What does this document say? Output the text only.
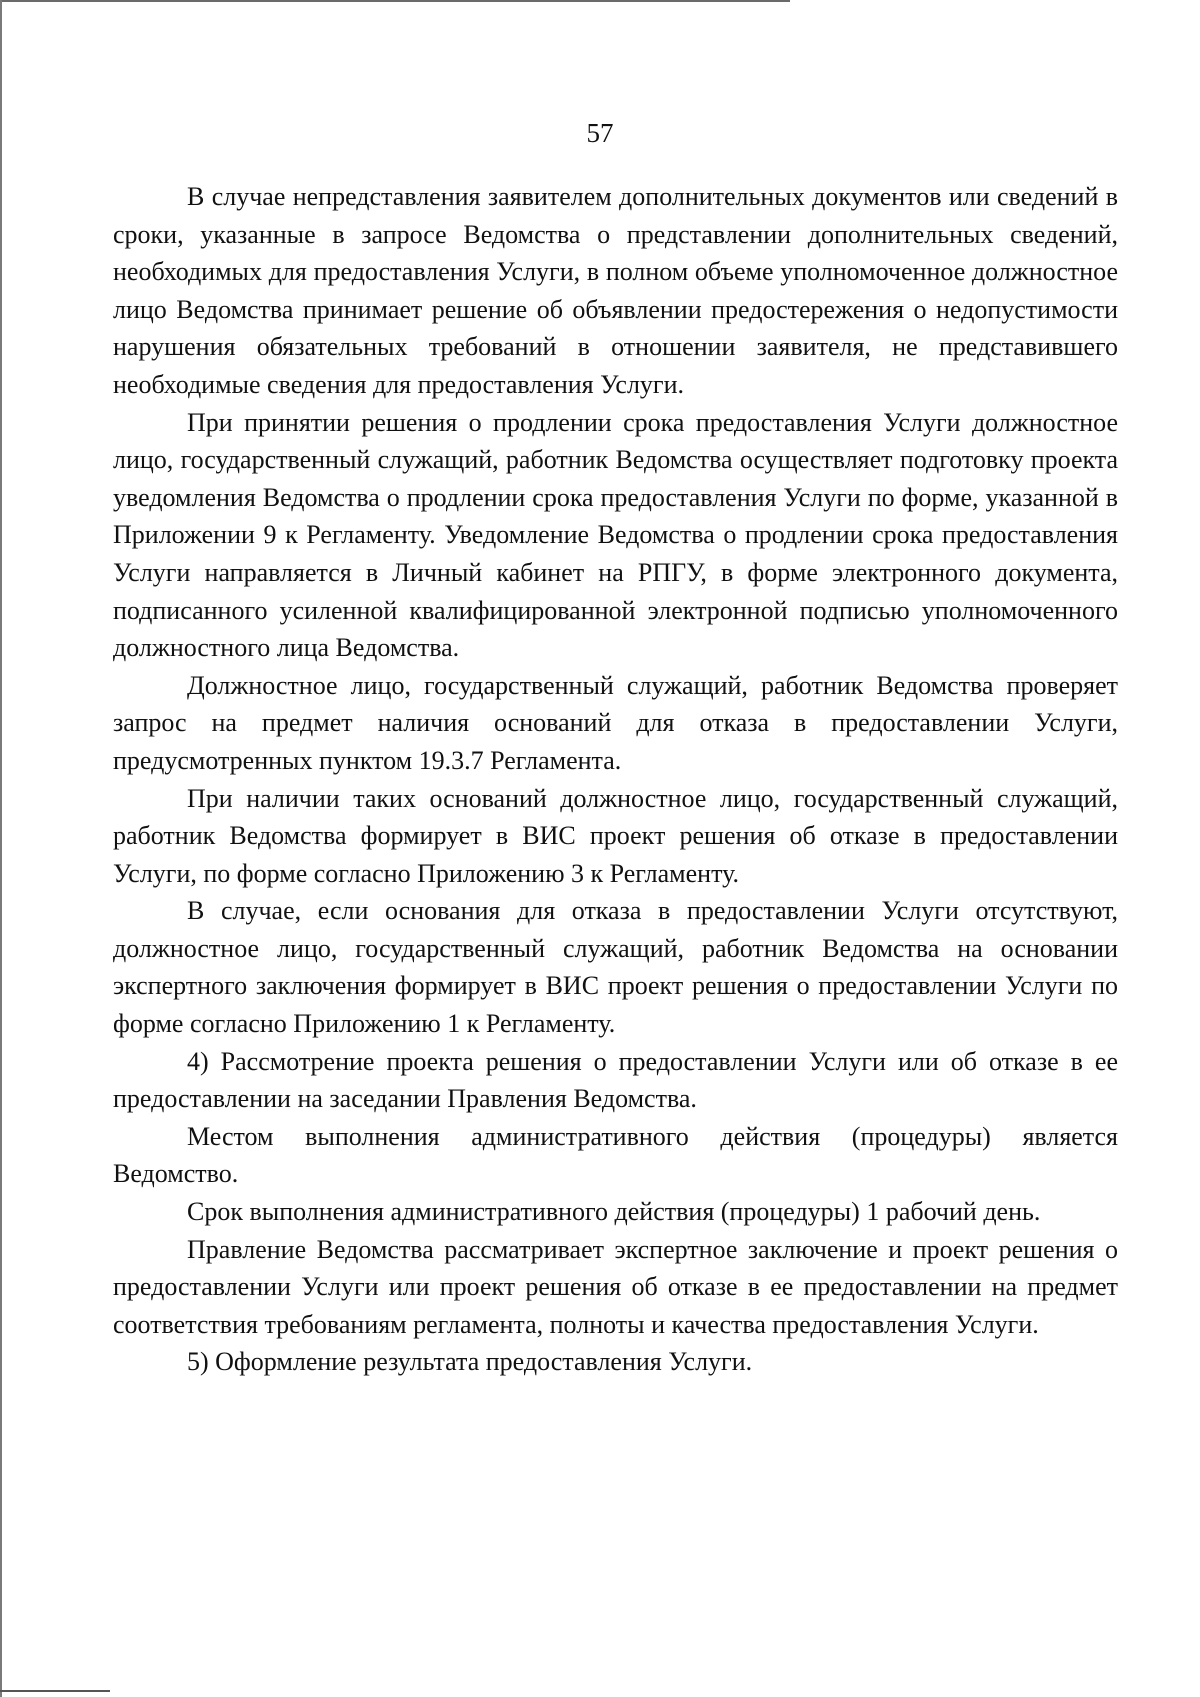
57

В случае непредставления заявителем дополнительных документов или сведений в сроки, указанные в запросе Ведомства о представлении дополнительных сведений, необходимых для предоставления Услуги, в полном объеме уполномоченное должностное лицо Ведомства принимает решение об объявлении предостережения о недопустимости нарушения обязательных требований в отношении заявителя, не представившего необходимые сведения для предоставления Услуги.

При принятии решения о продлении срока предоставления Услуги должностное лицо, государственный служащий, работник Ведомства осуществляет подготовку проекта уведомления Ведомства о продлении срока предоставления Услуги по форме, указанной в Приложении 9 к Регламенту. Уведомление Ведомства о продлении срока предоставления Услуги направляется в Личный кабинет на РПГУ, в форме электронного документа, подписанного усиленной квалифицированной электронной подписью уполномоченного должностного лица Ведомства.

Должностное лицо, государственный служащий, работник Ведомства проверяет запрос на предмет наличия оснований для отказа в предоставлении Услуги, предусмотренных пунктом 19.3.7 Регламента.

При наличии таких оснований должностное лицо, государственный служащий, работник Ведомства формирует в ВИС проект решения об отказе в предоставлении Услуги, по форме согласно Приложению 3 к Регламенту.

В случае, если основания для отказа в предоставлении Услуги отсутствуют, должностное лицо, государственный служащий, работник Ведомства на основании экспертного заключения формирует в ВИС проект решения о предоставлении Услуги по форме согласно Приложению 1 к Регламенту.

4) Рассмотрение проекта решения о предоставлении Услуги или об отказе в ее предоставлении на заседании Правления Ведомства.

Местом выполнения административного действия (процедуры) является Ведомство.

Срок выполнения административного действия (процедуры) 1 рабочий день.

Правление Ведомства рассматривает экспертное заключение и проект решения о предоставлении Услуги или проект решения об отказе в ее предоставлении на предмет соответствия требованиям регламента, полноты и качества предоставления Услуги.

5) Оформление результата предоставления Услуги.
